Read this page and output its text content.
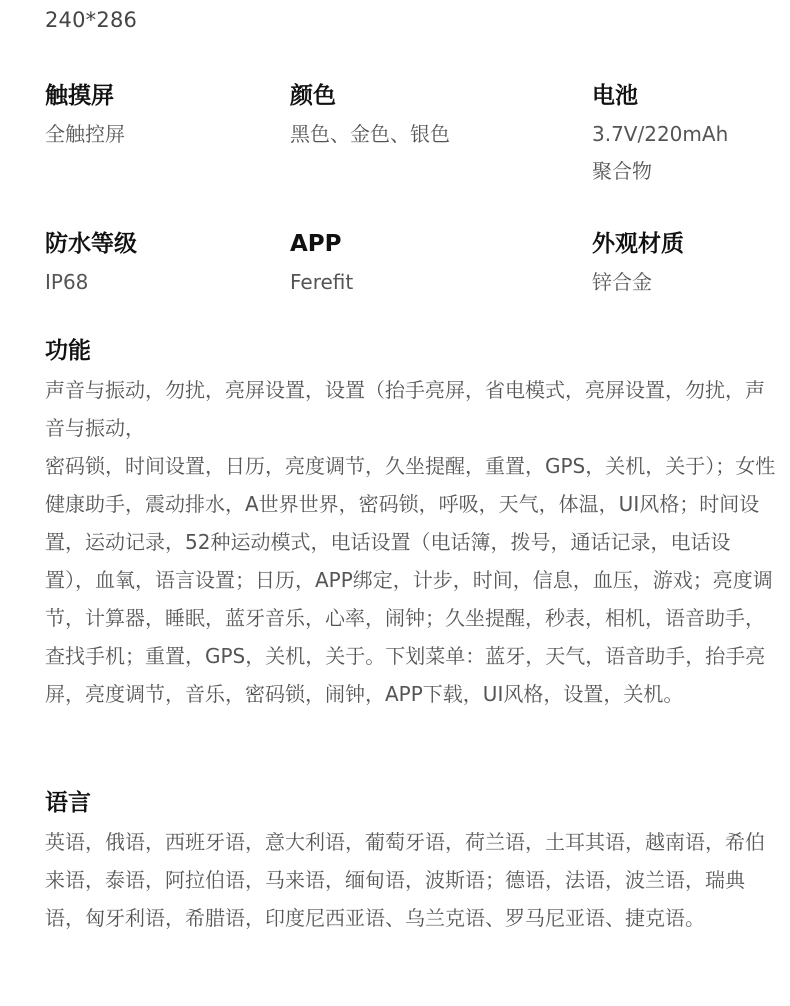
240*286
触摸屏
全触控屏
颜色
黑色、金色、银色
电池
3.7V/220mAh
聚合物
防水等级
IP68
APP
Ferefit
外观材质
锌合金
功能

声音与振动，勿扰，亮屏设置，设置（抬手亮屏，省电模式，亮屏设置，勿扰，声音与振动，

密码锁，时间设置，日历，亮度调节，久坐提醒，重置，GPS，关机，关于）；女性健康助手，震动排水，A世界世界，密码锁，呼吸，天气，体温，UI风格；时间设置，运动记录，52种运动模式，电话设置（电话簿，拨号，通话记录，电话设置），血氧，语言设置；日历，APP绑定，计步，时间，信息，血压，游戏；亮度调节，计算器，睡眠，蓝牙音乐，心率，闹钟；久坐提醒，秒表，相机，语音助手，查找手机；重置，GPS，关机，关于。下划菜单：蓝牙，天气，语音助手，抬手亮屏，亮度调节，音乐，密码锁，闹钟，APP下载，UI风格，设置，关机。

语言

英语，俄语，西班牙语，意大利语，葡萄牙语，荷兰语，土耳其语，越南语，希伯来语，泰语，阿拉伯语，马来语，缅甸语，波斯语；德语，法语，波兰语，瑞典语，匈牙利语，希腊语，印度尼西亚语、乌兰克语、罗马尼亚语、捷克语。
